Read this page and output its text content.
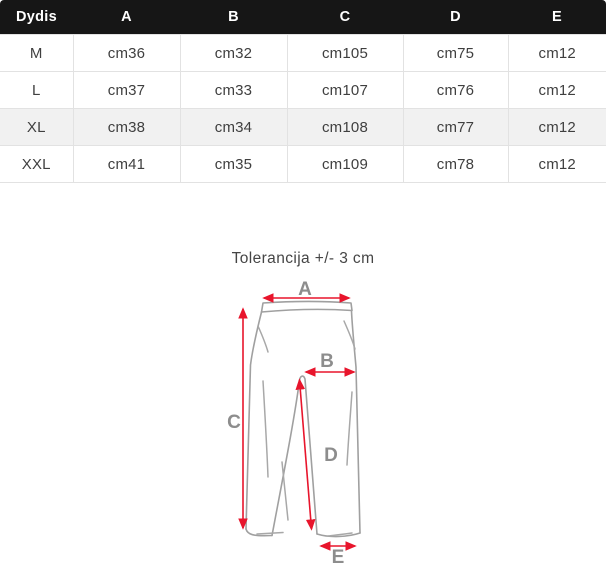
Dydis	A	B	C	D	E
M	cm36	cm32	cm105	cm75	cm12
L	cm37	cm33	cm107	cm76	cm12
XL	cm38	cm34	cm108	cm77	cm12
XXL	cm41	cm35	cm109	cm78	cm12
Tolerancija +/- 3 cm
A
B
C
D
E
